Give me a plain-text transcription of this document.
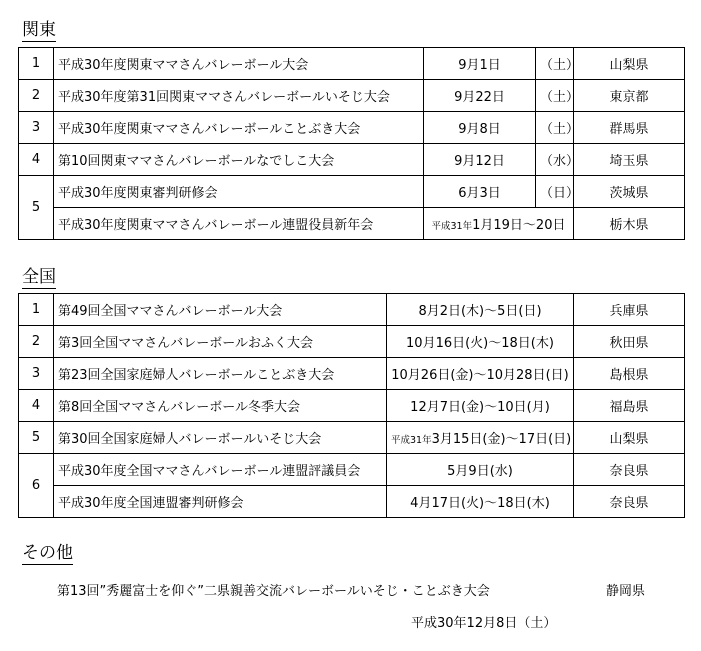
関東
1	平成30年度関東ママさんバレーボール大会	9月1日	（土）	山梨県
2	平成30年度第31回関東ママさんバレーボールいそじ大会	9月22日	（土）	東京都
3	平成30年度関東ママさんバレーボールことぶき大会	9月8日	（土）	群馬県
4	第10回関東ママさんバレーボールなでしこ大会	9月12日	（水）	埼玉県
5	平成30年度関東審判研修会	6月3日	（日）	茨城県
	平成30年度関東ママさんバレーボール連盟役員新年会	平成31年1月19日～20日		栃木県
全国
1	第49回全国ママさんバレーボール大会	8月2日(木)～5日(日)	兵庫県
2	第3回全国ママさんバレーボールおふく大会	10月16日(火)～18日(木)	秋田県
3	第23回全国家庭婦人バレーボールことぶき大会	10月26日(金)～10月28日(日)	島根県
4	第8回全国ママさんバレーボール冬季大会	12月7日(金)～10日(月)	福島県
5	第30回全国家庭婦人バレーボールいそじ大会	平成31年3月15日(金)～17日(日)	山梨県
6	平成30年度全国ママさんバレーボール連盟評議員会	5月9日(水)	奈良県
	平成30年度全国連盟審判研修会	4月17日(火)～18日(木)	奈良県
その他
第13回”秀麗富士を仰ぐ”二県親善交流バレーボールいそじ・ことぶき大会	静岡県
平成30年12月8日（土）
